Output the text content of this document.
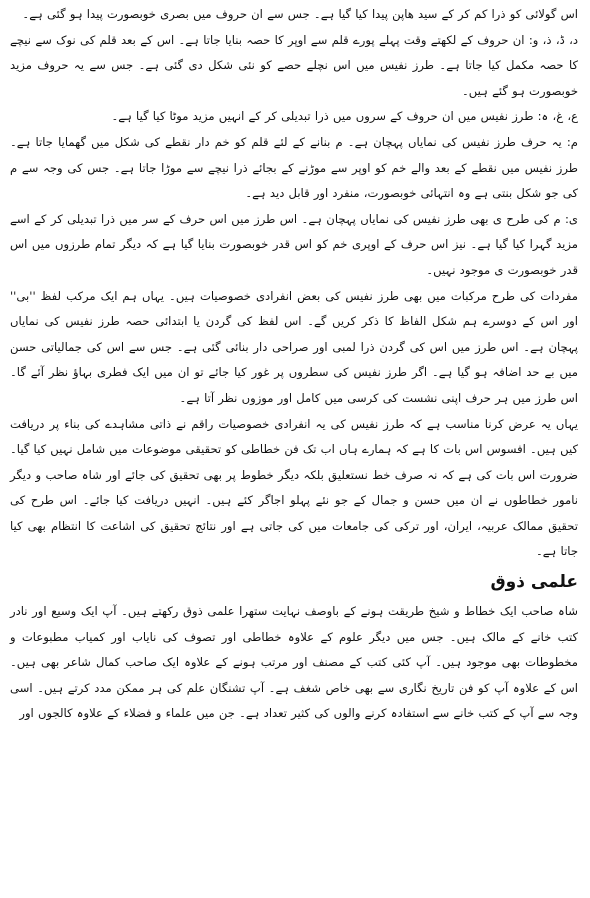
اس گولائی کو ذرا کم کر کے سید ھاپن پیدا کیا گیا ہے۔ جس سے ان حروف میں بصری خوبصورت پیدا ہو گئی ہے۔

د، ڈ، ذ، و: ان حروف کے لکھتے وقت پہلے پورے قلم سے اوپر کا حصہ بنایا جاتا ہے۔ اس کے بعد قلم کی نوک سے نیچے کا حصہ مکمل کیا جاتا ہے۔ طرز نفیس میں اس نچلے حصے کو نئی شکل دی گئی ہے۔ جس سے یہ حروف مزید خوبصورت ہو گئے ہیں۔

ع، غ، ہ: طرز نفیس میں ان حروف کے سروں میں ذرا تبدیلی کر کے انہیں مزید موٹا کیا گیا ہے۔

م: یہ حرف طرز نفیس کی نمایاں پہچان ہے۔ م بنانے کے لئے قلم کو خم دار نقطے کی شکل میں گھمایا جاتا ہے۔ طرز نفیس میں نقطے کے بعد والے خم کو اوپر سے موڑنے کے بجائے ذرا نیچے سے موڑا جاتا ہے۔ جس کی وجہ سے م کی جو شکل بنتی ہے وہ انتہائی خوبصورت، منفرد اور قابل دید ہے۔

ی: م کی طرح ی بھی طرز نفیس کی نمایاں پہچان ہے۔ اس طرز میں اس حرف کے سر میں ذرا تبدیلی کر کے اسے مزید گہرا کیا گیا ہے۔ نیز اس حرف کے اوپری خم کو اس قدر خوبصورت بنایا گیا ہے کہ دیگر تمام طرزوں میں اس قدر خوبصورت ی موجود نہیں۔

مفردات کی طرح مرکبات میں بھی طرز نفیس کی بعض انفرادی خصوصیات ہیں۔ یہاں ہم ایک مرکب لفظ ''بی'' اور اس کے دوسرے ہم شکل الفاظ کا ذکر کریں گے۔ اس لفظ کی گردن یا ابتدائی حصہ طرز نفیس کی نمایاں پہچان ہے۔ اس طرز میں اس کی گردن ذرا لمبی اور صراحی دار بنائی گئی ہے۔ جس سے اس کی جمالیاتی حسن میں بے حد اضافہ ہو گیا ہے۔ اگر طرز نفیس کی سطروں پر غور کیا جائے تو ان میں ایک فطری بہاؤ نظر آئے گا۔ اس طرز میں ہر حرف اپنی نشست کی کرسی میں کامل اور موزوں نظر آتا ہے۔

یہاں یہ عرض کرنا مناسب ہے کہ طرز نفیس کی یہ انفرادی خصوصیات راقم نے ذاتی مشاہدے کی بناء پر دریافت کیں ہیں۔ افسوس اس بات کا ہے کہ ہمارے ہاں اب تک فن خطاطی کو تحقیقی موضوعات میں شامل نہیں کیا گیا۔ ضرورت اس بات کی ہے کہ نہ صرف خط نستعلیق بلکہ دیگر خطوط پر بھی تحقیق کی جائے اور شاہ صاحب و دیگر نامور خطاطوں نے ان میں حسن و جمال کے جو نئے پہلو اجاگر کئے ہیں۔ انہیں دریافت کیا جائے۔ اس طرح کی تحقیق ممالک عربیہ، ایران، اور ترکی کی جامعات میں کی جاتی ہے اور نتائج تحقیق کی اشاعت کا انتظام بھی کیا جاتا ہے۔

علمی ذوق

شاہ صاحب ایک خطاط و شیخ طریقت ہونے کے باوصف نہایت ستھرا علمی ذوق رکھتے ہیں۔ آپ ایک وسیع اور نادر کتب خانے کے مالک ہیں۔ جس میں دیگر علوم کے علاوہ خطاطی اور تصوف کی نایاب اور کمیاب مطبوعات و مخطوطات بھی موجود ہیں۔ آپ کئی کتب کے مصنف اور مرتب ہونے کے علاوہ ایک صاحب کمال شاعر بھی ہیں۔ اس کے علاوہ آپ کو فن تاریخ نگاری سے بھی خاص شغف ہے۔ آپ تشنگان علم کی ہر ممکن مدد کرتے ہیں۔ اسی وجہ سے آپ کے کتب خانے سے استفادہ کرنے والوں کی کثیر تعداد ہے۔ جن میں علماء و فضلاء کے علاوہ کالجوں اور
